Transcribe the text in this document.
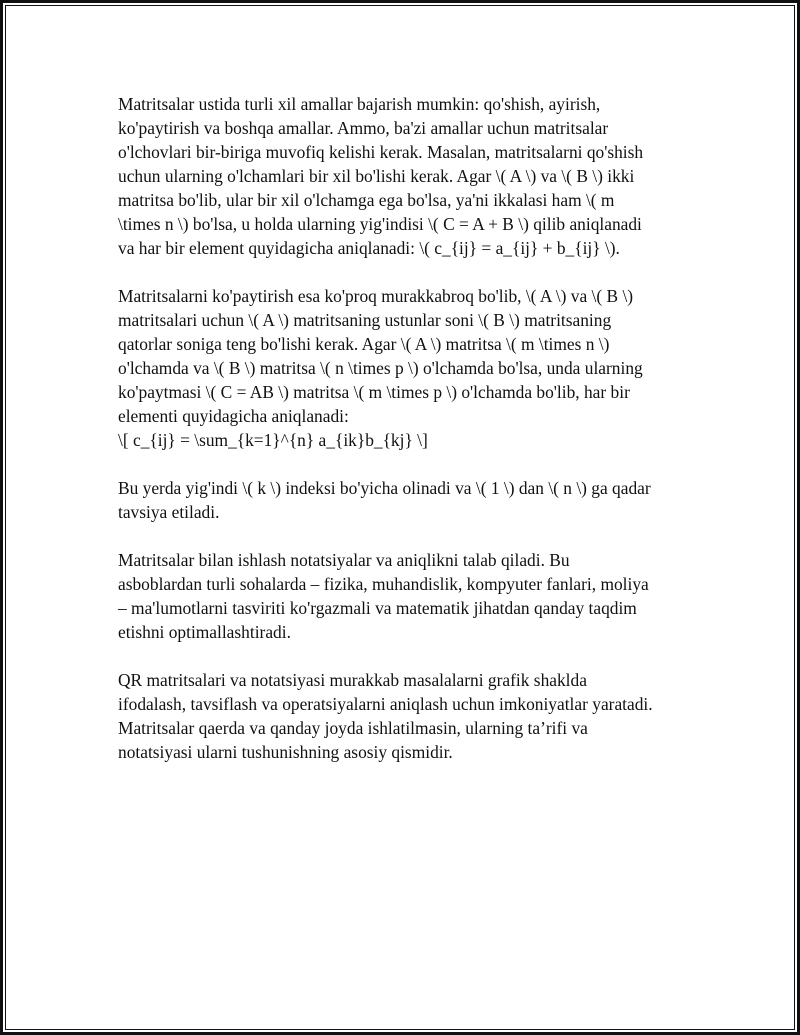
Matritsalar ustida turli xil amallar bajarish mumkin: qo'shish, ayirish,
ko'paytirish va boshqa amallar. Ammo, ba'zi amallar uchun matritsalar
o'lchovlari bir-biriga muvofiq kelishi kerak. Masalan, matritsalarni qo'shish
uchun ularning o'lchamlari bir xil bo'lishi kerak. Agar \( A \) va \( B \) ikki
matritsa bo'lib, ular bir xil o'lchamga ega bo'lsa, ya'ni ikkalasi ham \( m
\times n \) bo'lsa, u holda ularning yig'indisi \( C = A + B \) qilib aniqlanadi
va har bir element quyidagicha aniqlanadi: \( c_{ij} = a_{ij} + b_{ij} \).

Matritsalarni ko'paytirish esa ko'proq murakkabroq bo'lib, \( A \) va \( B \)
matritsalari uchun \( A \) matritsaning ustunlar soni \( B \) matritsaning
qatorlar soniga teng bo'lishi kerak. Agar \( A \) matritsa \( m \times n \)
o'lchamda va \( B \) matritsa \( n \times p \) o'lchamda bo'lsa, unda ularning
ko'paytmasi \( C = AB \) matritsa \( m \times p \) o'lchamda bo'lib, har bir
elementi quyidagicha aniqlanadi:
\[ c_{ij} = \sum_{k=1}^{n} a_{ik}b_{kj} \]

Bu yerda yig'indi \( k \) indeksi bo'yicha olinadi va \( 1 \) dan \( n \) ga qadar
tavsiya etiladi.

Matritsalar bilan ishlash notatsiyalar va aniqlikni talab qiladi. Bu
asboblardan turli sohalarda – fizika, muhandislik, kompyuter fanlari, moliya
– ma'lumotlarni tasviriti ko'rgazmali va matematik jihatdan qanday taqdim
etishni optimallashtiradi.

QR matritsalari va notatsiyasi murakkab masalalarni grafik shaklda
ifodalash, tavsiflash va operatsiyalarni aniqlash uchun imkoniyatlar yaratadi.
Matritsalar qaerda va qanday joyda ishlatilmasin, ularning ta’rifi va
notatsiyasi ularni tushunishning asosiy qismidir.
